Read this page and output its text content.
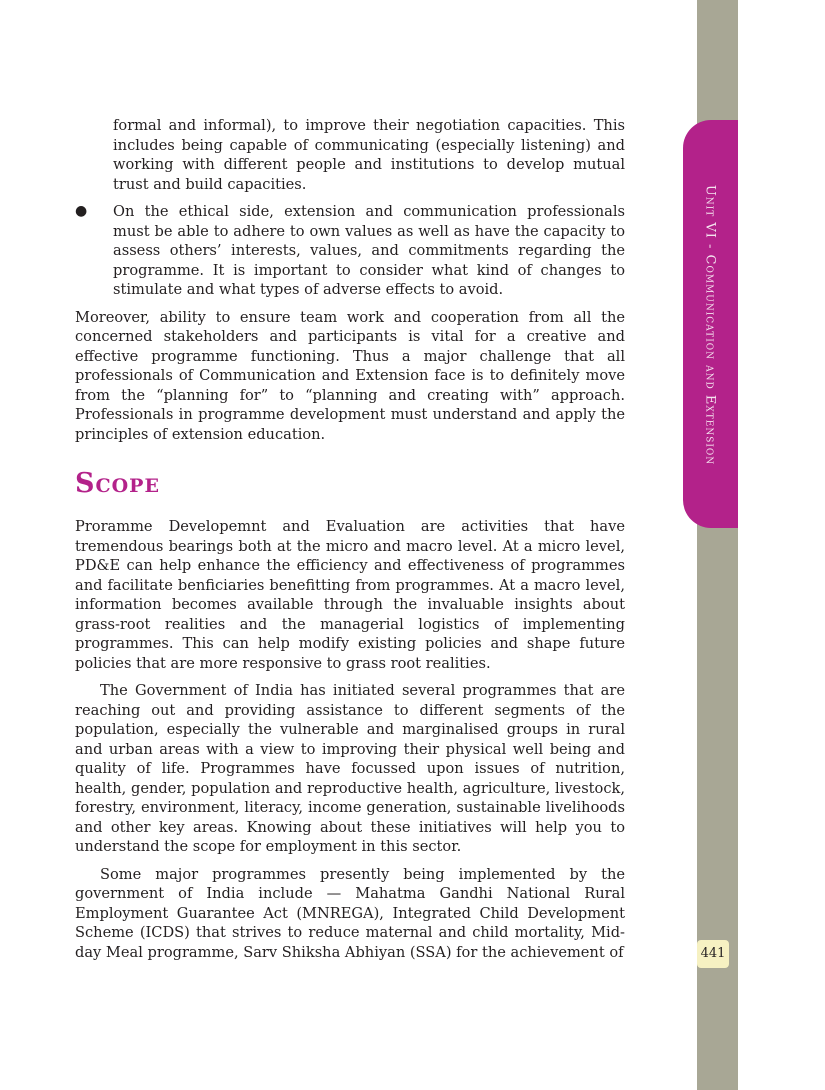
Unit VI - Communication and Extension
441

formal and informal), to improve their negotiation capacities. This includes being capable of communicating (especially listening) and working with different people and institutions to develop mutual trust and build capacities.

● On the ethical side, extension and communication professionals must be able to adhere to own values as well as have the capacity to assess others’ interests, values, and commitments regarding the programme. It is important to consider what kind of changes to stimulate and what types of adverse effects to avoid.

Moreover, ability to ensure team work and cooperation from all the concerned stakeholders and participants is vital for a creative and effective programme functioning. Thus a major challenge that all professionals of Communication and Extension face is to definitely move from the “planning for” to “planning and creating with” approach. Professionals in programme development must understand and apply the principles of extension education.

Scope

Proramme Developemnt and Evaluation are activities that have tremendous bearings both at the micro and macro level. At a micro level, PD&E can help enhance the efficiency and effectiveness of programmes and facilitate benficiaries benefitting from programmes. At a macro level, information becomes available through the invaluable insights about grass-root realities and the managerial logistics of implementing programmes. This can help modify existing policies and shape future policies that are more responsive to grass root realities.

The Government of India has initiated several programmes that are reaching out and providing assistance to different segments of the population, especially the vulnerable and marginalised groups in rural and urban areas with a view to improving their physical well being and quality of life. Programmes have focussed upon issues of nutrition, health, gender, population and reproductive health, agriculture, livestock, forestry, environment, literacy, income generation, sustainable livelihoods and other key areas. Knowing about these initiatives will help you to understand the scope for employment in this sector.

Some major programmes presently being implemented by the government of India include — Mahatma Gandhi National Rural Employment Guarantee Act (MNREGA), Integrated Child Development Scheme (ICDS) that strives to reduce maternal and child mortality, Mid-day Meal programme, Sarv Shiksha Abhiyan (SSA) for the achievement of
